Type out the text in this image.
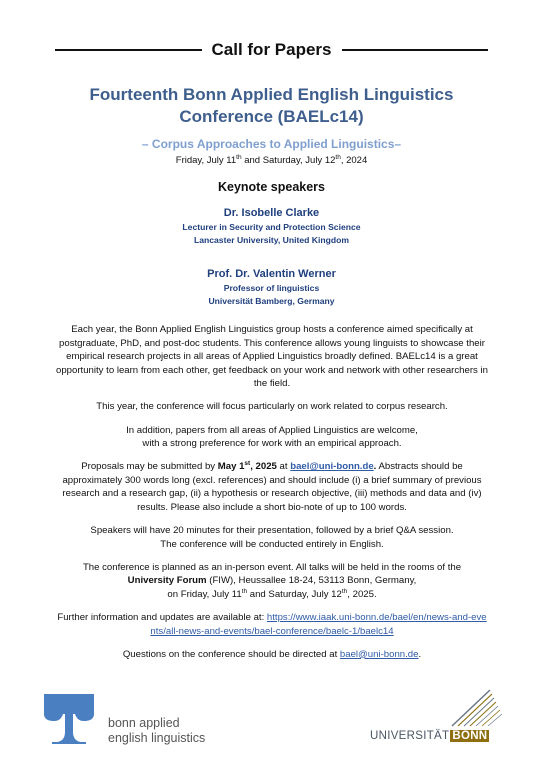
Call for Papers
Fourteenth Bonn Applied English Linguistics
Conference (BAELc14)
– Corpus Approaches to Applied Linguistics–
Friday, July 11th and Saturday, July 12th, 2024
Keynote speakers
Dr. Isobelle Clarke
Lecturer in Security and Protection Science
Lancaster University, United Kingdom
Prof. Dr. Valentin Werner
Professor of linguistics
Universität Bamberg, Germany

Each year, the Bonn Applied English Linguistics group hosts a conference aimed specifically at postgraduate, PhD, and post-doc students. This conference allows young linguists to showcase their empirical research projects in all areas of Applied Linguistics broadly defined. BAELc14 is a great opportunity to learn from each other, get feedback on your work and network with other researchers in the field.

This year, the conference will focus particularly on work related to corpus research.

In addition, papers from all areas of Applied Linguistics are welcome,
with a strong preference for work with an empirical approach.

Proposals may be submitted by May 1st, 2025 at bael@uni-bonn.de. Abstracts should be approximately 300 words long (excl. references) and should include (i) a brief summary of previous research and a research gap, (ii) a hypothesis or research objective, (iii) methods and data and (iv) results. Please also include a short bio-note of up to 100 words.

Speakers will have 20 minutes for their presentation, followed by a brief Q&A session.
The conference will be conducted entirely in English.

The conference is planned as an in-person event. All talks will be held in the rooms of the
University Forum (FIW), Heussallee 18-24, 53113 Bonn, Germany,
on Friday, July 11th and Saturday, July 12th, 2025.

Further information and updates are available at: https://www.iaak.uni-bonn.de/bael/en/news-and-events/all-news-and-events/bael-conference/baelc-1/baelc14

Questions on the conference should be directed at bael@uni-bonn.de.

bonn applied
english linguistics	UNIVERSITÄT BONN
